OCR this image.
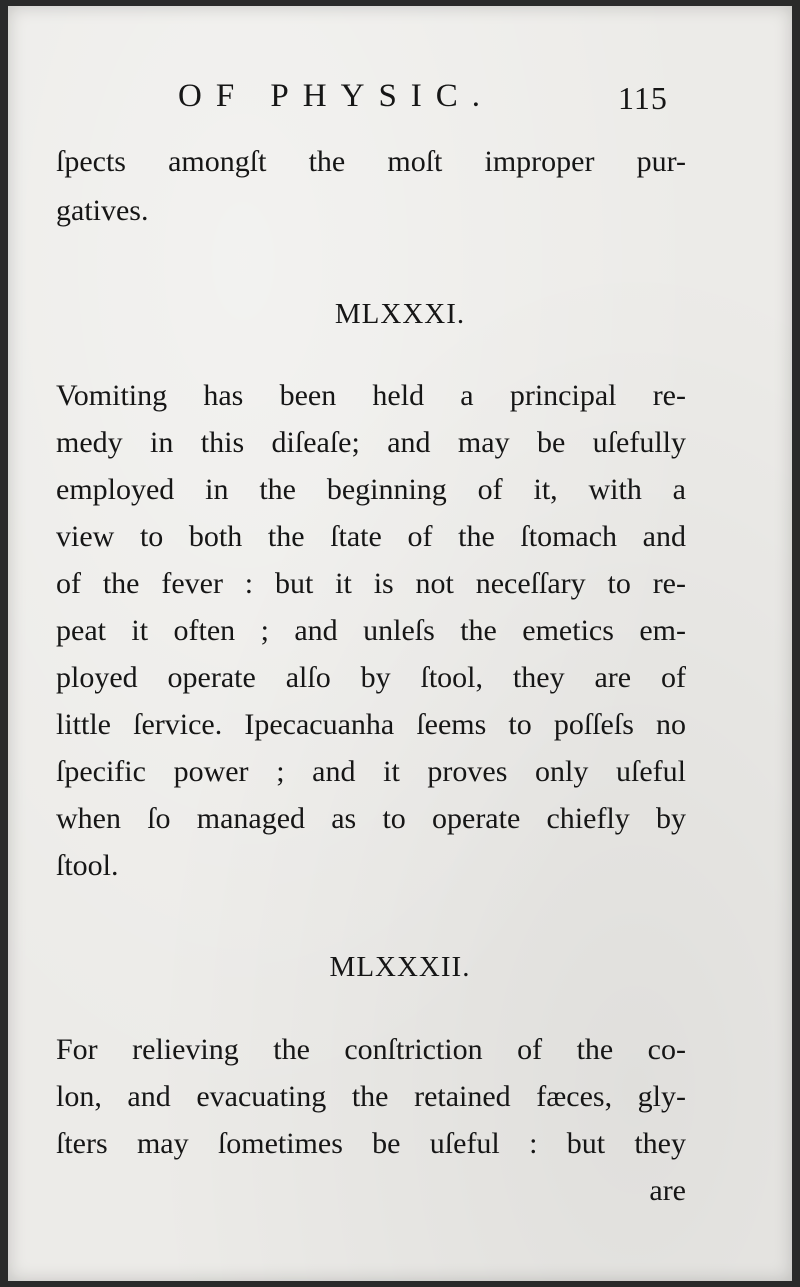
OF PHYSIC.	115
ſpects amongſt the moſt improper pur-
gatives.
MLXXXI.
Vomiting has been held a principal re-
medy in this diſeaſe; and may be uſefully
employed in the beginning of it, with a
view to both the ſtate of the ſtomach and
of the fever : but it is not neceſſary to re-
peat it often ; and unleſs the emetics em-
ployed operate alſo by ſtool, they are of
little ſervice. Ipecacuanha ſeems to poſſeſs no
ſpecific power ; and it proves only uſeful
when ſo managed as to operate chiefly by
ſtool.
MLXXXII.
For relieving the conſtriction of the co-
lon, and evacuating the retained fæces, gly-
ſters may ſometimes be uſeful : but they
are
